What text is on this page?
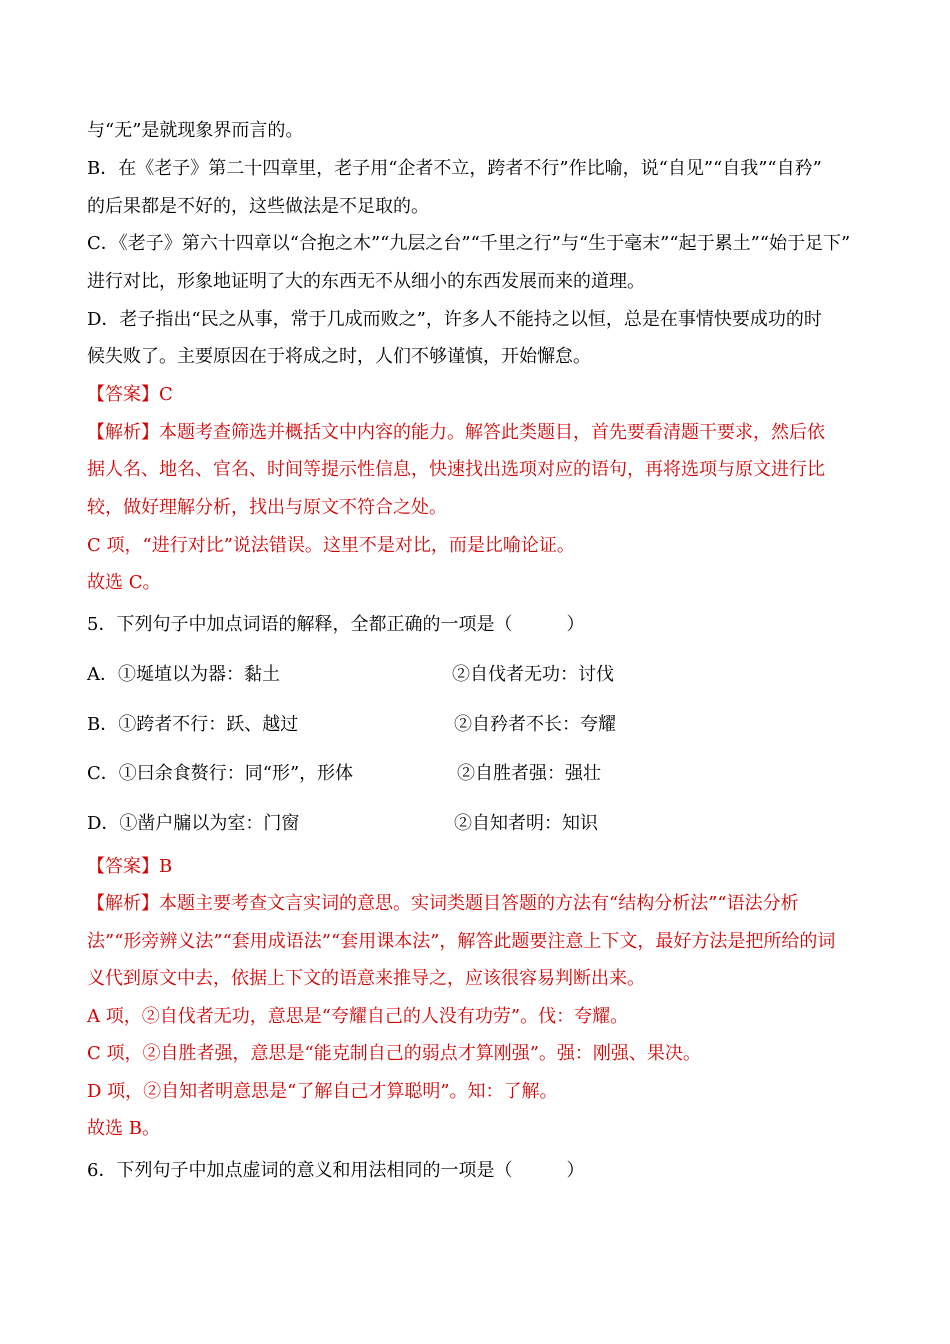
与“无”是就现象界而言的。
B．在《老子》第二十四章里，老子用“企者不立，跨者不行”作比喻，说“自见”“自我”“自矜”
的后果都是不好的，这些做法是不足取的。
C．《老子》第六十四章以“合抱之木”“九层之台”“千里之行”与“生于毫末”“起于累土”“始于足下”
进行对比，形象地证明了大的东西无不从细小的东西发展而来的道理。
D．老子指出“民之从事，常于几成而败之”，许多人不能持之以恒，总是在事情快要成功的时
候失败了。主要原因在于将成之时，人们不够谨慎，开始懈怠。
【答案】C
【解析】本题考查筛选并概括文中内容的能力。解答此类题目，首先要看清题干要求，然后依
据人名、地名、官名、时间等提示性信息，快速找出选项对应的语句，再将选项与原文进行比
较，做好理解分析，找出与原文不符合之处。
C 项，“进行对比”说法错误。这里不是对比，而是比喻论证。
故选 C。
5．下列句子中加点词语的解释，全都正确的一项是（　　　）
A．①埏埴以为器：黏土	②自伐者无功：讨伐
B．①跨者不行：跃、越过	②自矜者不长：夸耀
C．①曰余食赘行：同“形”，形体	②自胜者强：强壮
D．①凿户牖以为室：门窗	②自知者明：知识
【答案】B
【解析】本题主要考查文言实词的意思。实词类题目答题的方法有“结构分析法”“语法分析
法”“形旁辨义法”“套用成语法”“套用课本法”，解答此题要注意上下文，最好方法是把所给的词
义代到原文中去，依据上下文的语意来推导之，应该很容易判断出来。
A 项，②自伐者无功，意思是“夸耀自己的人没有功劳”。伐：夸耀。
C 项，②自胜者强，意思是“能克制自己的弱点才算刚强”。强：刚强、果决。
D 项，②自知者明意思是“了解自己才算聪明”。知：了解。
故选 B。
6．下列句子中加点虚词的意义和用法相同的一项是（　　　）
